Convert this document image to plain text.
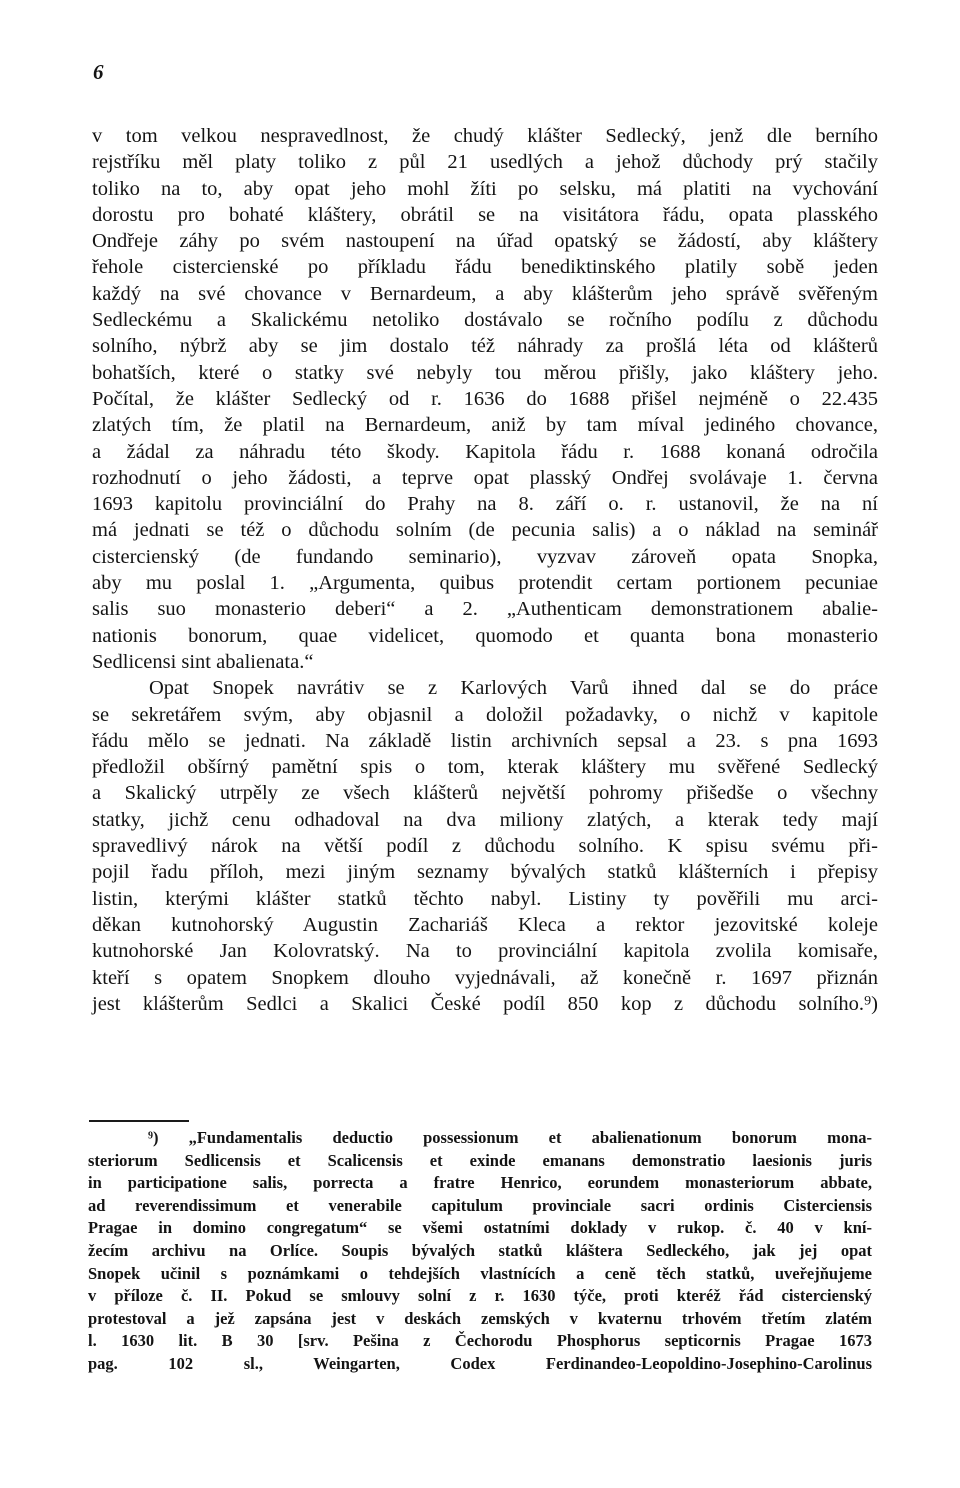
6
v tom velkou nespravedlnost, že chudý klášter Sedlecký, jenž dle berního
rejstříku měl platy toliko z půl 21 usedlých a jehož důchody prý stačily
toliko na to, aby opat jeho mohl žíti po selsku, má platiti na vychování
dorostu pro bohaté kláštery, obrátil se na visitátora řádu, opata plasského
Ondřeje záhy po svém nastoupení na úřad opatský se žádostí, aby kláštery
řehole cistercienské po příkladu řádu benediktinského platily sobě jeden
každý na své chovance v Bernardeum, a aby klášterům jeho správě svěřeným
Sedleckému a Skalickému netoliko dostávalo se ročního podílu z důchodu
solního, nýbrž aby se jim dostalo též náhrady za prošlá léta od klášterů
bohatších, které o statky své nebyly tou měrou přišly, jako kláštery jeho.
Počítal, že klášter Sedlecký od r. 1636 do 1688 přišel nejméně o 22.435
zlatých tím, že platil na Bernardeum, aniž by tam míval jediného chovance,
a žádal za náhradu této škody. Kapitola řádu r. 1688 konaná odročila
rozhodnutí o jeho žádosti, a teprve opat plasský Ondřej svolávaje 1. června
1693 kapitolu provinciální do Prahy na 8. září o. r. ustanovil, že na ní
má jednati se též o důchodu solním (de pecunia salis) a o náklad na seminář
cistercienský (de fundando seminario), vyzvav zároveň opata Snopka,
aby mu poslal 1. „Argumenta, quibus protendit certam portionem pecuniae
salis suo monasterio deberi“ a 2. „Authenticam demonstrationem abalie-
nationis bonorum, quae videlicet, quomodo et quanta bona monasterio
Sedlicensi sint abalienata.“
Opat Snopek navrátiv se z Karlových Varů ihned dal se do práce
se sekretářem svým, aby objasnil a doložil požadavky, o nichž v kapitole
řádu mělo se jednati. Na základě listin archivních sepsal a 23. s pna 1693
předložil obšírný pamětní spis o tom, kterak kláštery mu svěřené Sedlecký
a Skalický utrpěly ze všech klášterů největší pohromy přišedše o všechny
statky, jichž cenu odhadoval na dva miliony zlatých, a kterak tedy mají
spravedlivý nárok na větší podíl z důchodu solního. K spisu svému při-
pojil řadu příloh, mezi jiným seznamy bývalých statků klášterních i přepisy
listin, kterými klášter statků těchto nabyl. Listiny ty pověřili mu arci-
děkan kutnohorský Augustin Zachariáš Kleca a rektor jezovitské koleje
kutnohorské Jan Kolovratský. Na to provinciální kapitola zvolila komisaře,
kteří s opatem Snopkem dlouho vyjednávali, až konečně r. 1697 přiznán
jest klášterům Sedlci a Skalici České podíl 850 kop z důchodu solního.⁹)
⁹) „Fundamentalis deductio possessionum et abalienationum bonorum mona-
steriorum Sedlicensis et Scalicensis et exinde emanans demonstratio laesionis juris
in participatione salis, porrecta a fratre Henrico, eorundem monasteriorum abbate,
ad reverendissimum et venerabile capitulum provinciale sacri ordinis Cisterciensis
Pragae in domino congregatum“ se všemi ostatními doklady v rukop. č. 40 v kní-
žecím archivu na Orlíce. Soupis bývalých statků kláštera Sedleckého, jak jej opat
Snopek učinil s poznámkami o tehdejších vlastnících a ceně těch statků, uveřejňujeme
v příloze č. II. Pokud se smlouvy solní z r. 1630 týče, proti kteréž řád cistercienský
protestoval a jež zapsána jest v deskách zemských v kvaternu trhovém třetím zlatém
l. 1630 lit. B 30 [srv. Pešina z Čechorodu Phosphorus septicornis Pragae 1673
pag. 102 sl., Weingarten, Codex Ferdinandeo-Leopoldino-Josephino-Carolinus
